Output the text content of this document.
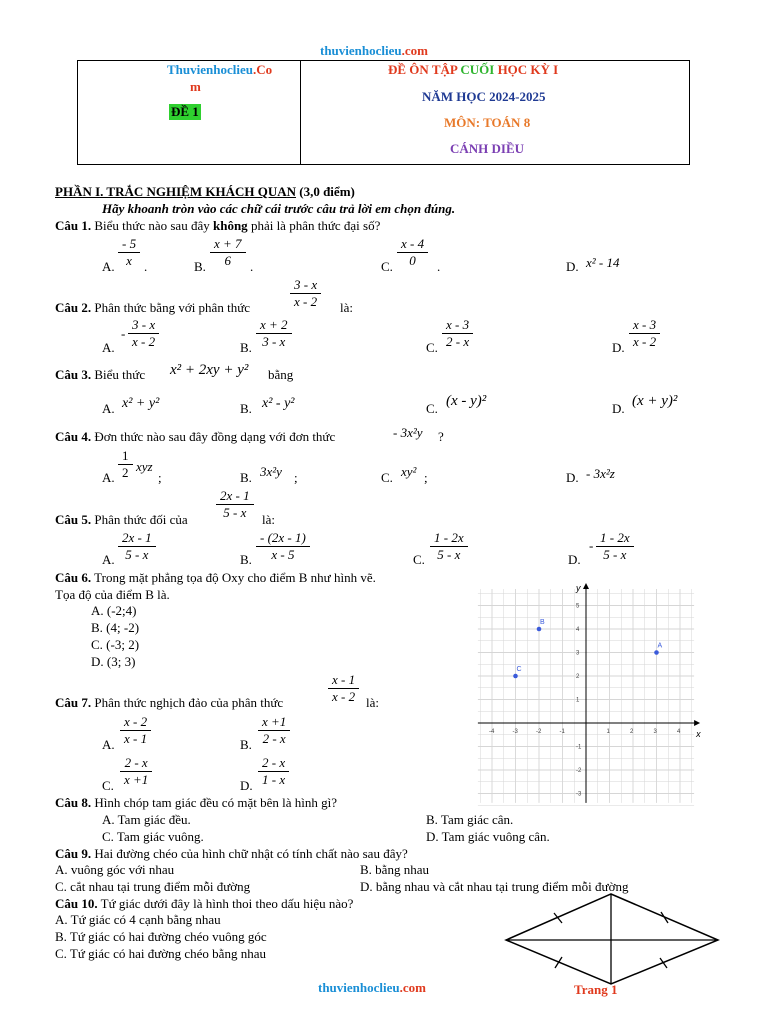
thuvienhoclieu.com
Thuvienhoclieu.Co
m
ĐỀ 1
ĐỀ ÔN TẬP CUỐI HỌC KỲ I
NĂM HỌC 2024-2025
MÔN: TOÁN 8
CÁNH DIỀU
PHẦN I. TRẮC NGHIỆM KHÁCH QUAN (3,0 điểm)
Hãy khoanh tròn vào các chữ cái trước câu trả lời em chọn đúng.
Câu 1. Biểu thức nào sau đây không phải là phân thức đại số?
A. $\frac{- 5}{x}$ .	B. $\frac{x + 7}{6}$ .	C. $\frac{x - 4}{0}$ .	D. x² - 14
Câu 2. Phân thức bằng với phân thức	$\frac{3 - x}{x - 2}$ là:
A.
- $\frac{3 - x}{x - 2}$	B. $\frac{x + 2}{3 - x}$	C. $\frac{x - 3}{2 - x}$	D. $\frac{x - 3}{x - 2}$
Câu 3. Biểu thức x² + 2xy + y² bằng
A. x² + y²	B. x² - y²	C. (x - y)²	D. (x + y)²
Câu 4. Đơn thức nào sau đây đồng dạng với đơn thức	- 3x²y ?
A. $\frac{1}{2}$ xyz
;	B. 3x²y ;	C. xy² ;	D. - 3x²z
Câu 5. Phân thức đối của $\frac{2x - 1}{5 - x}$ là:
A. $\frac{2x - 1}{5 - x}$	B. $\frac{- (2x - 1)}{x - 5}$	C. $\frac{1 - 2x}{5 - x}$	D.
- $\frac{1 - 2x}{5 - x}$
Câu 6. Trong mặt phẳng tọa độ Oxy cho điểm B như hình vẽ.
Tọa độ của điểm B là.
A. (-2;4)
B. (4; -2)
C. (-3; 2)
D. (3; 3)
x
y
-4	-3	-2	-1	1	2	3	4
5
4
3
2
1
-1
-2
-3
A
B
C
Câu 7. Phân thức nghịch đảo của phân thức	$\frac{x - 1}{x - 2}$ là:
A. $\frac{x - 2}{x - 1}$	B. $\frac{x +1}{2 - x}$
C. $\frac{2 - x}{x +1}$	D. $\frac{2 - x}{1 - x}$
Câu 8. Hình chóp tam giác đều có mặt bên là hình gì?
A. Tam giác đều.	B. Tam giác cân.
C. Tam giác vuông.	D. Tam giác vuông cân.
Câu 9. Hai đường chéo của hình chữ nhật có tính chất nào sau đây?
A. vuông góc với nhau	B. bằng nhau
C. cắt nhau tại trung điểm mỗi đường	D. bằng nhau và cắt nhau tại trung điểm mỗi đường
Câu 10. Tứ giác dưới đây là hình thoi theo dấu hiệu nào?
A. Tứ giác có 4 cạnh bằng nhau
B. Tứ giác có hai đường chéo vuông góc
C. Tứ giác có hai đường chéo bằng nhau
thuvienhoclieu.com	Trang 1
